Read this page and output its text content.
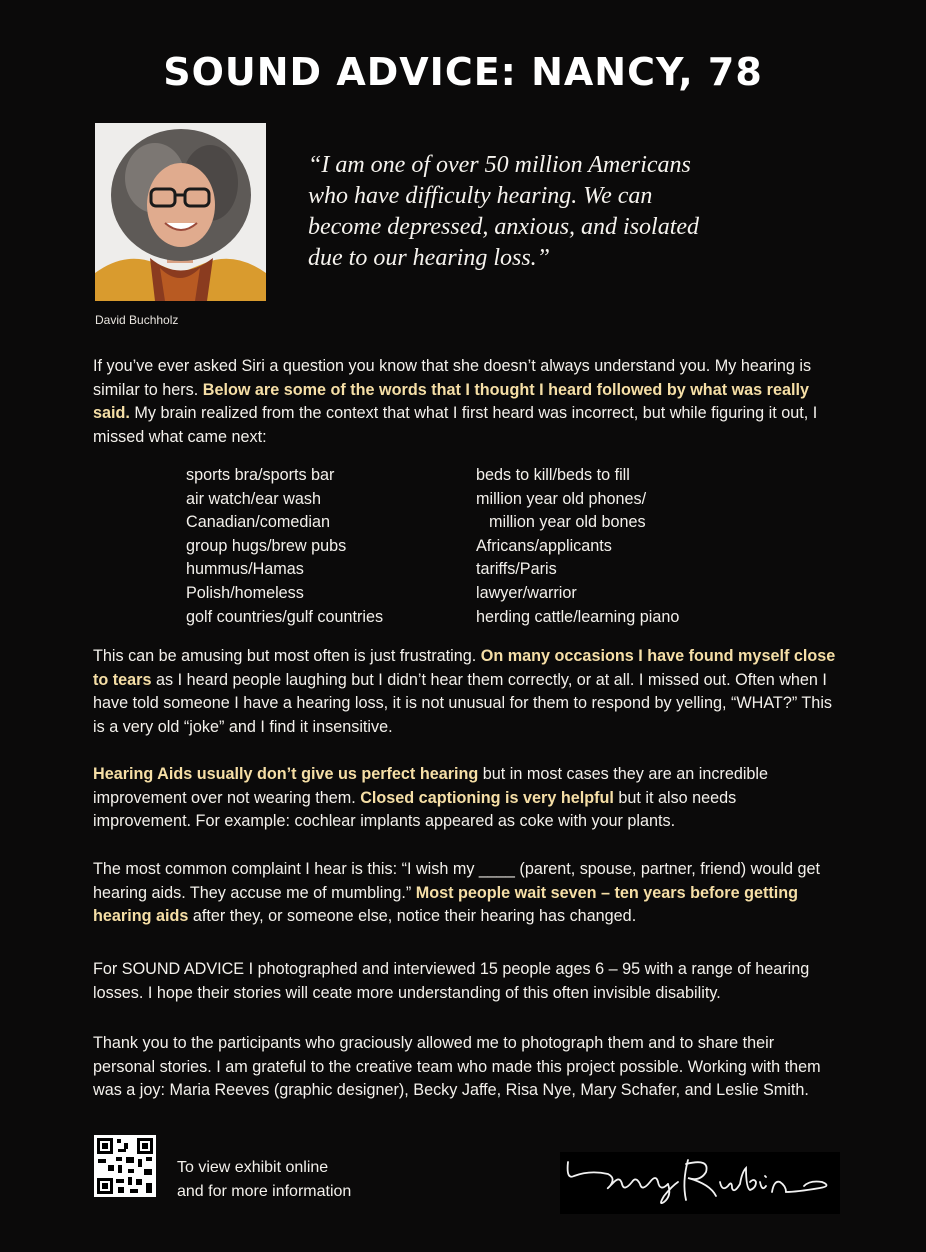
SOUND ADVICE: NANCY, 78
David Buchholz
“I am one of over 50 million Americans who have difficulty hearing. We can become depressed, anxious, and isolated due to our hearing loss.”
If you’ve ever asked Siri a question you know that she doesn’t always understand you. My hearing is similar to hers. Below are some of the words that I thought I heard followed by what was really said. My brain realized from the context that what I first heard was incorrect, but while figuring it out, I missed what came next:
sports bra/sports bar
air watch/ear wash
Canadian/comedian
group hugs/brew pubs
hummus/Hamas
Polish/homeless
golf countries/gulf countries
beds to kill/beds to fill
million year old phones/
million year old bones
Africans/applicants
tariffs/Paris
lawyer/warrior
herding cattle/learning piano
This can be amusing but most often is just frustrating. On many occasions I have found myself close to tears as I heard people laughing but I didn’t hear them correctly, or at all. I missed out. Often when I have told someone I have a hearing loss, it is not unusual for them to respond by yelling, “WHAT?” This is a very old “joke” and I find it insensitive.
Hearing Aids usually don’t give us perfect hearing but in most cases they are an incredible improvement over not wearing them. Closed captioning is very helpful but it also needs improvement. For example: cochlear implants appeared as coke with your plants.
The most common complaint I hear is this: “I wish my ____ (parent, spouse, partner, friend) would get hearing aids. They accuse me of mumbling.” Most people wait seven – ten years before getting hearing aids after they, or someone else, notice their hearing has changed.
For SOUND ADVICE I photographed and interviewed 15 people ages 6 – 95 with a range of hearing losses. I hope their stories will ceate more understanding of this often invisible disability.
Thank you to the participants who graciously allowed me to photograph them and to share their personal stories. I am grateful to the creative team who made this project possible. Working with them was a joy: Maria Reeves (graphic designer), Becky Jaffe, Risa Nye, Mary Schafer, and Leslie Smith.
To view exhibit online
and for more information
